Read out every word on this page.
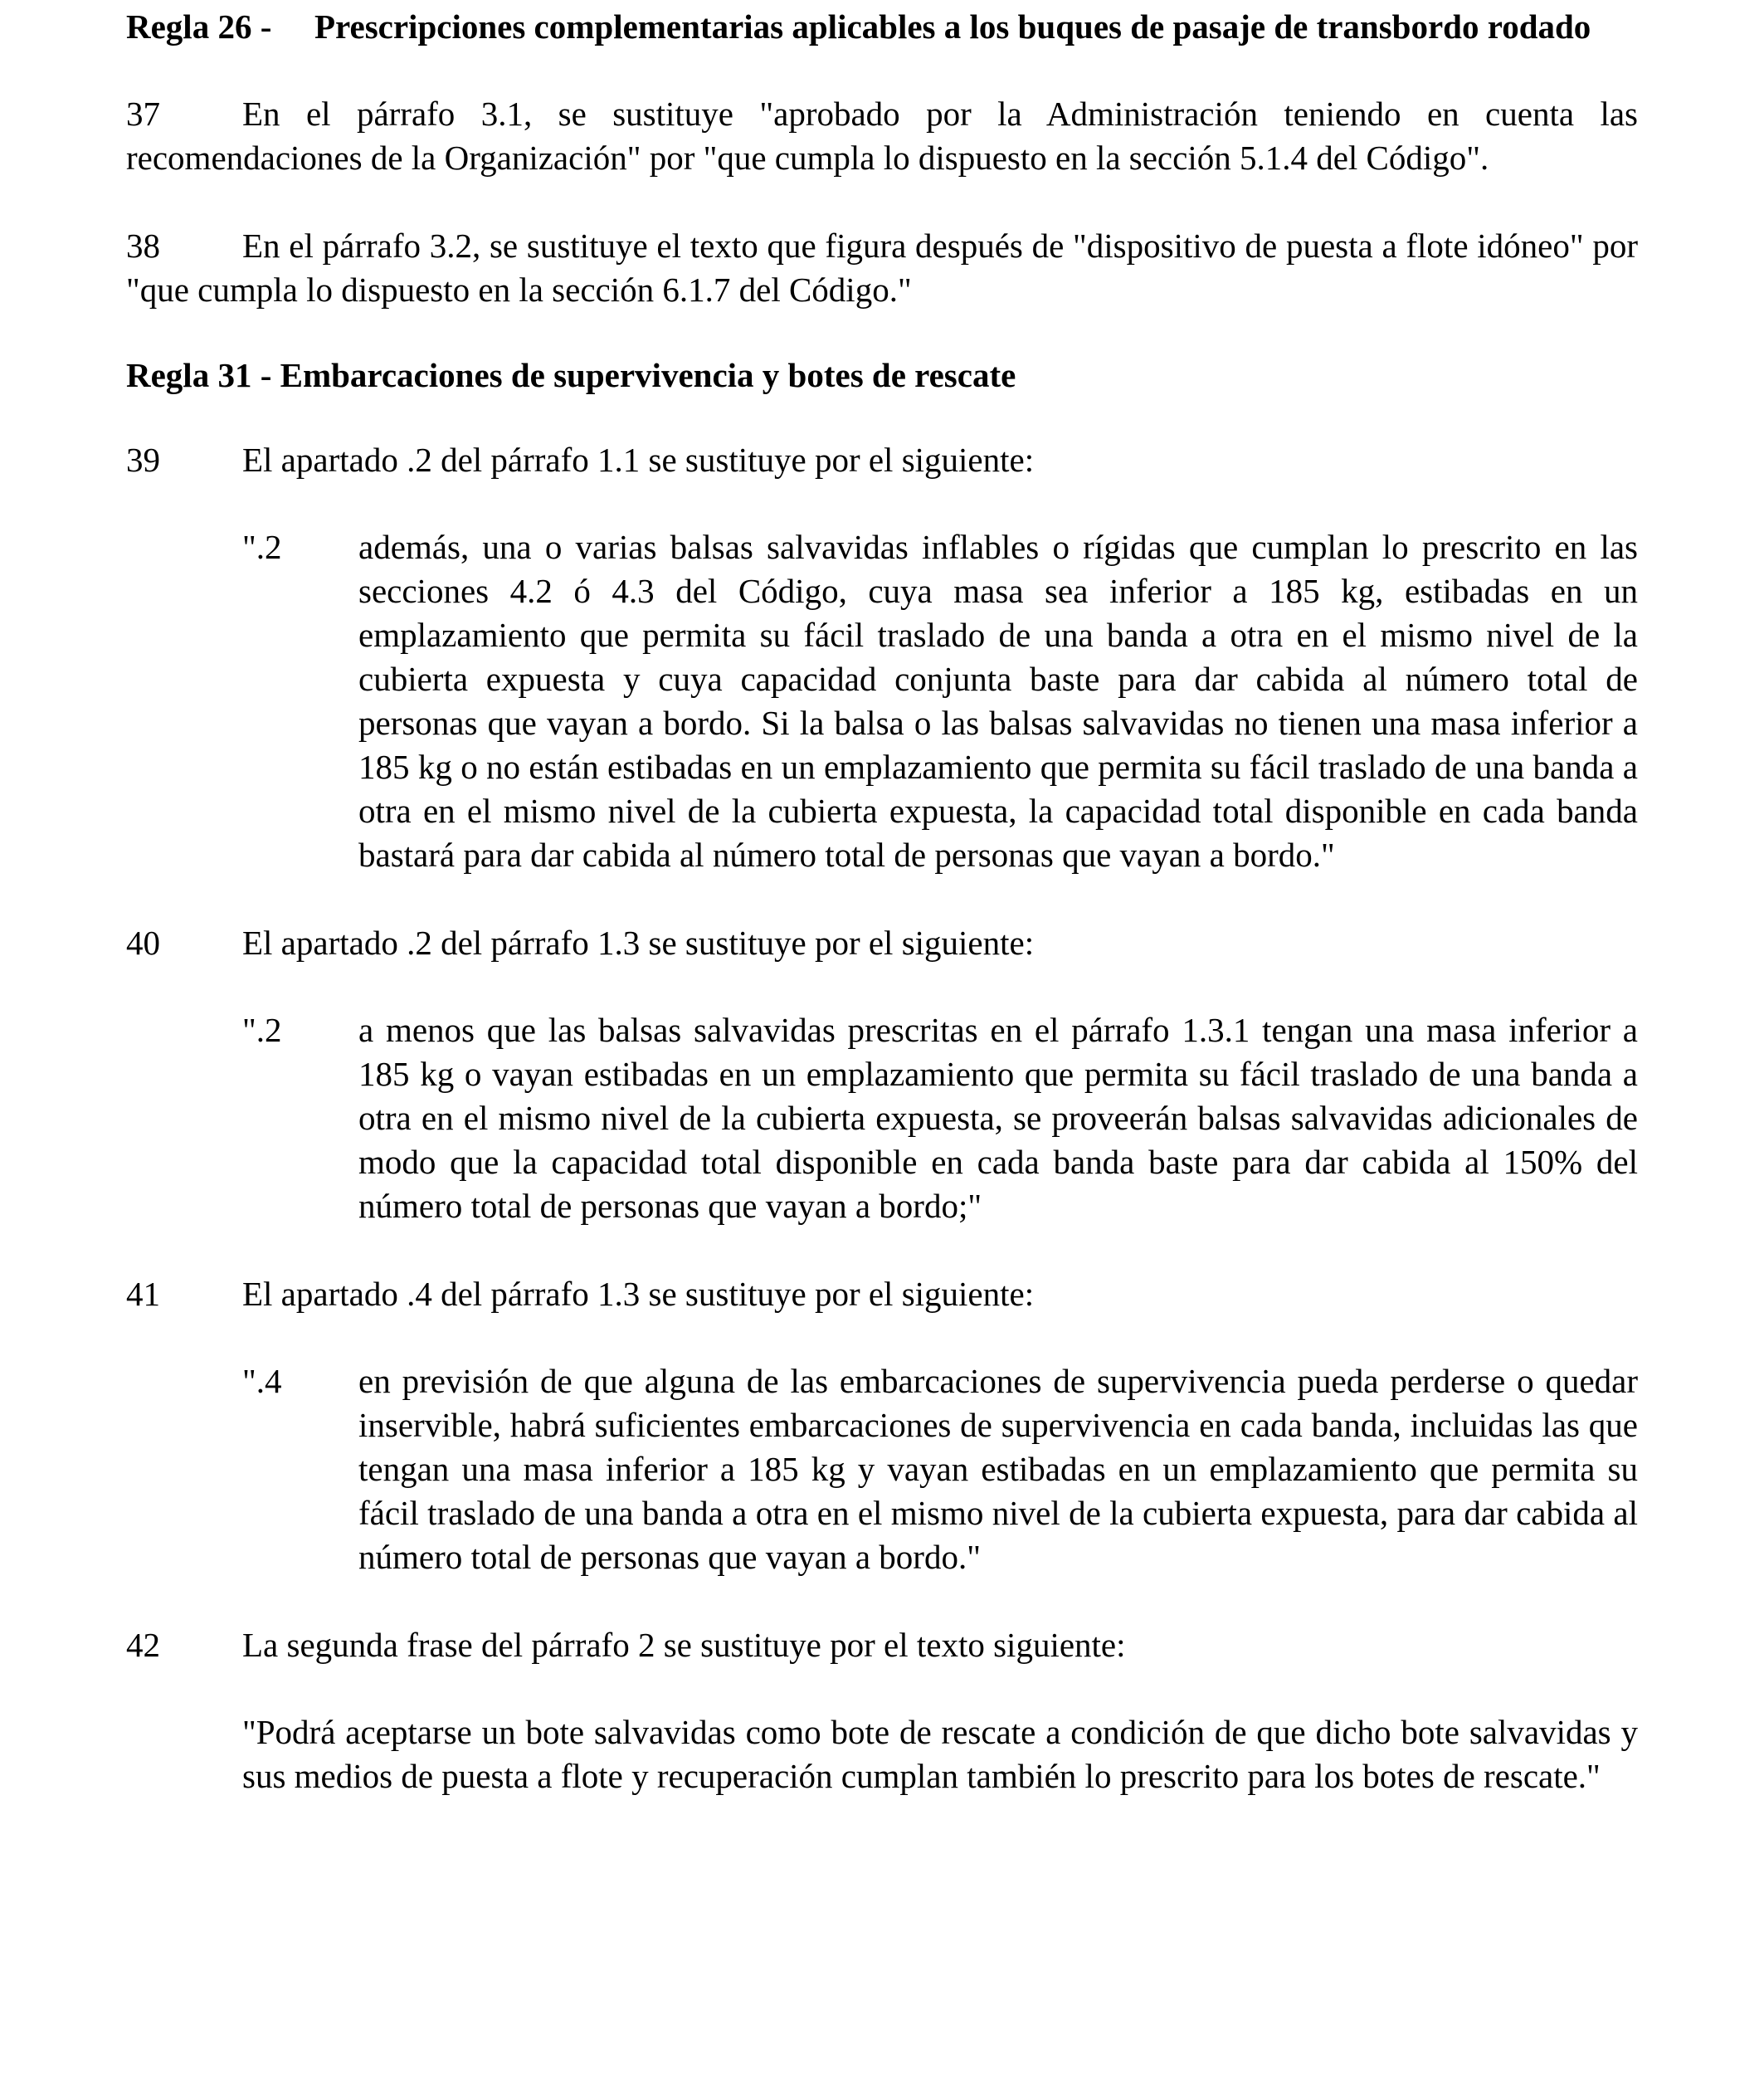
Regla 26 -	Prescripciones complementarias aplicables a los buques de pasaje de transbordo rodado
37 En el párrafo 3.1, se sustituye "aprobado por la Administración teniendo en cuenta las recomendaciones de la Organización" por "que cumpla lo dispuesto en la sección 5.1.4 del Código".
38 En el párrafo 3.2, se sustituye el texto que figura después de "dispositivo de puesta a flote idóneo" por "que cumpla lo dispuesto en la sección 6.1.7 del Código."
Regla 31 - Embarcaciones de supervivencia y botes de rescate
39	El apartado .2 del párrafo 1.1 se sustituye por el siguiente:
".2	además, una o varias balsas salvavidas inflables o rígidas que cumplan lo prescrito en las secciones 4.2 ó 4.3 del Código, cuya masa sea inferior a 185 kg, estibadas en un emplazamiento que permita su fácil traslado de una banda a otra en el mismo nivel de la cubierta expuesta y cuya capacidad conjunta baste para dar cabida al número total de personas que vayan a bordo. Si la balsa o las balsas salvavidas no tienen una masa inferior a 185 kg o no están estibadas en un emplazamiento que permita su fácil traslado de una banda a otra en el mismo nivel de la cubierta expuesta, la capacidad total disponible en cada banda bastará para dar cabida al número total de personas que vayan a bordo."
40	El apartado .2 del párrafo 1.3 se sustituye por el siguiente:
".2	a menos que las balsas salvavidas prescritas en el párrafo 1.3.1 tengan una masa inferior a 185 kg o vayan estibadas en un emplazamiento que permita su fácil traslado de una banda a otra en el mismo nivel de la cubierta expuesta, se proveerán balsas salvavidas adicionales de modo que la capacidad total disponible en cada banda baste para dar cabida al 150% del número total de personas que vayan a bordo;"
41	El apartado .4 del párrafo 1.3 se sustituye por el siguiente:
".4	en previsión de que alguna de las embarcaciones de supervivencia pueda perderse o quedar inservible, habrá suficientes embarcaciones de supervivencia en cada banda, incluidas las que tengan una masa inferior a 185 kg y vayan estibadas en un emplazamiento que permita su fácil traslado de una banda a otra en el mismo nivel de la cubierta expuesta, para dar cabida al número total de personas que vayan a bordo."
42	La segunda frase del párrafo 2 se sustituye por el texto siguiente:
"Podrá aceptarse un bote salvavidas como bote de rescate a condición de que dicho bote salvavidas y sus medios de puesta a flote y recuperación cumplan también lo prescrito para los botes de rescate."
